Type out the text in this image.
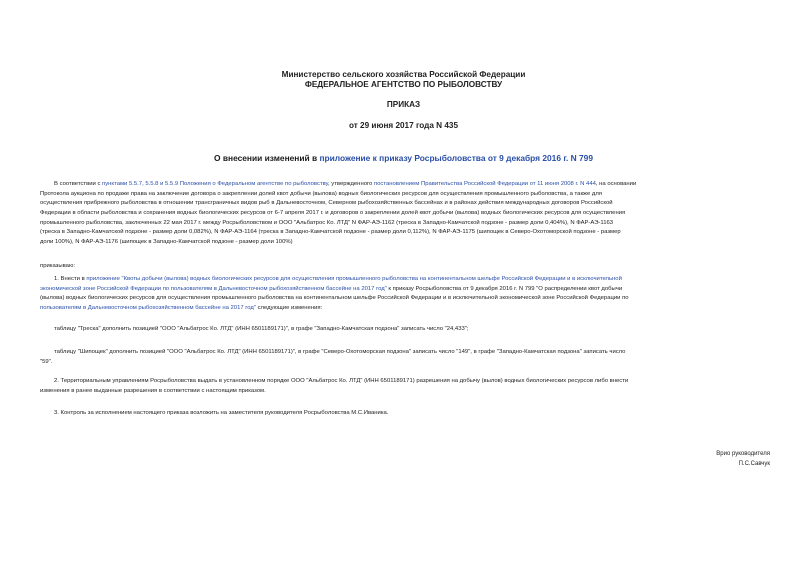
Министерство сельского хозяйства Российской Федерации
ФЕДЕРАЛЬНОЕ АГЕНТСТВО ПО РЫБОЛОВСТВУ
ПРИКАЗ
от 29 июня 2017 года N 435
О внесении изменений в приложение к приказу Росрыболовства от 9 декабря 2016 г. N 799
В соответствии с пунктами 5.5.7, 5.5.8 и 5.5.9 Положения о Федеральном агентстве по рыболовству, утвержденного постановлением Правительства Российской Федерации от 11 июня 2008 г. N 444, на основании
Протокола аукциона по продаже права на заключение договора о закреплении долей квот добычи (вылова) водных биологических ресурсов для осуществления промышленного рыболовства, а также для
осуществления прибрежного рыболовства в отношении трансграничных видов рыб в Дальневосточном, Северном рыбохозяйственных бассейнах и в районах действия международных договоров Российской
Федерации в области рыболовства и сохранения водных биологических ресурсов от 6-7 апреля 2017 г. и договоров о закреплении долей квот добычи (вылова) водных биологических ресурсов для осуществления
промышленного рыболовства, заключенных 22 мая 2017 г. между Росрыболовством и ООО "Альбатрос Ко. ЛТД" N ФАР-АЭ-1162 (треска в Западно-Камчатской подзоне - размер доли 0,404%), N ФАР-АЭ-1163
(треска в Западно-Камчатской подзоне - размер доли 0,082%), N ФАР-АЭ-1164 (треска в Западно-Камчатской подзоне - размер доли 0,112%), N ФАР-АЭ-1175 (шипощек в Северо-Охотоморской подзоне - размер
доли 100%), N ФАР-АЭ-1176 (шипощек в Западно-Камчатской подзоне - размер доли 100%)
приказываю:
1. Внести в приложение "Квоты добычи (вылова) водных биологических ресурсов для осуществления промышленного рыболовства на континентальном шельфе Российской Федерации и в исключительной
экономической зоне Российской Федерации по пользователям в Дальневосточном рыбохозяйственном бассейне на 2017 год" к приказу Росрыболовства от 9 декабря 2016 г. N 799 "О распределении квот добычи
(вылова) водных биологических ресурсов для осуществления промышленного рыболовства на континентальном шельфе Российской Федерации и в исключительной экономической зоне Российской Федерации по
пользователям в Дальневосточном рыбохозяйственном бассейне на 2017 год" следующие изменения:
таблицу "Треска" дополнить позицией "ООО "Альбатрос Ко. ЛТД" (ИНН 6501189171)", в графе "Западно-Камчатская подзона" записать число "24,433";
таблицу "Шипощек" дополнить позицией "ООО "Альбатрос Ко. ЛТД" (ИНН 6501189171)", в графе "Северо-Охотоморская подзона" записать число "149", в графе "Западно-Камчатская подзона" записать число
"59".
2. Территориальным управлениям Росрыболовства выдать в установленном порядке ООО "Альбатрос Ко. ЛТД" (ИНН 6501189171) разрешения на добычу (вылов) водных биологических ресурсов либо внести
изменения в ранее выданные разрешения в соответствии с настоящим приказом.
3. Контроль за исполнением настоящего приказа возложить на заместителя руководителя Росрыболовства М.С.Иваника.
Врио руководителя
П.С.Савчук
